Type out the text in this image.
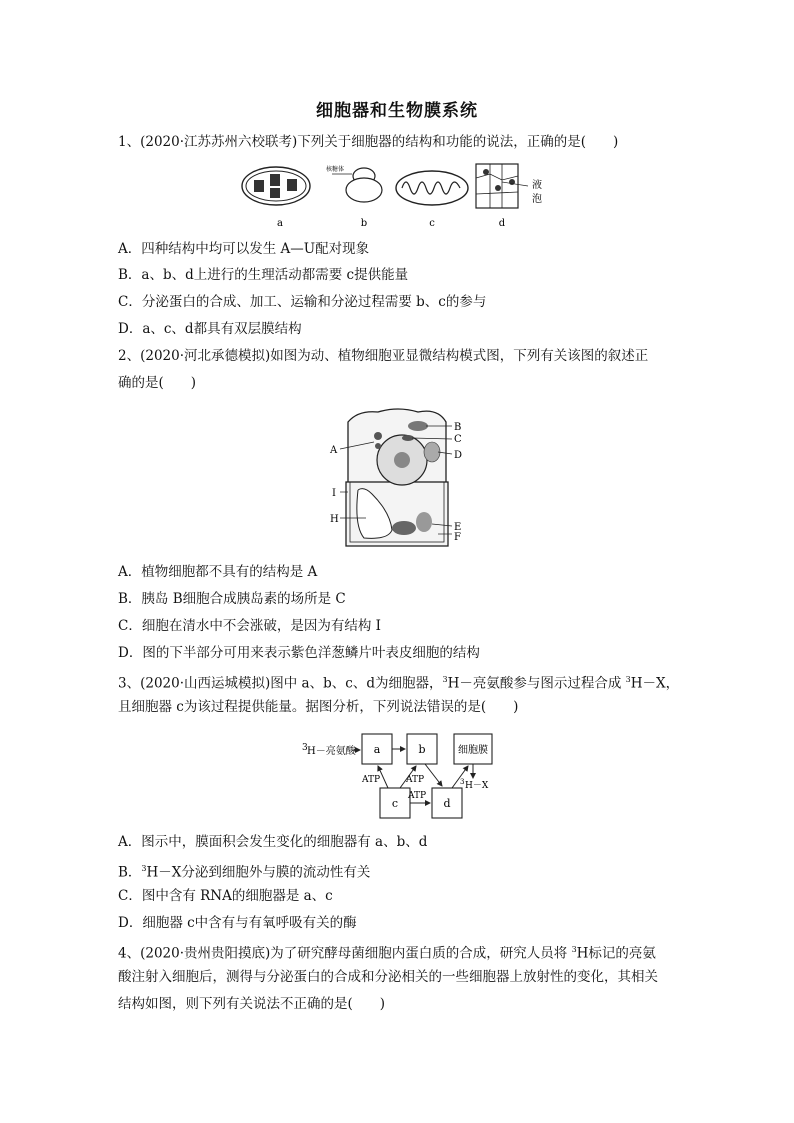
细胞器和生物膜系统
1、(2020·江苏苏州六校联考)下列关于细胞器的结构和功能的说法，正确的是(　　)
核糖体
液
泡
a	b	c	d
A．四种结构中均可以发生 A—U配对现象
B．a、b、d上进行的生理活动都需要 c提供能量
C．分泌蛋白的合成、加工、运输和分泌过程需要 b、c的参与
D．a、c、d都具有双层膜结构
2、(2020·河北承德模拟)如图为动、植物细胞亚显微结构模式图，下列有关该图的叙述正
确的是(　　)
A
B
C
D
I
H
E
F
A．植物细胞都不具有的结构是 A
B．胰岛 B细胞合成胰岛素的场所是 C
C．细胞在清水中不会涨破，是因为有结构 I
D．图的下半部分可用来表示紫色洋葱鳞片叶表皮细胞的结构
3、(2020·山西运城模拟)图中 a、b、c、d为细胞器，$^3$H－亮氨酸参与图示过程合成 $^3$H－X，
且细胞器 c为该过程提供能量。据图分析，下列说法错误的是(　　)
3 H－亮氨酸 a	b	细胞膜
c	d
ATP	ATP
ATP
3 H－X
A．图示中，膜面积会发生变化的细胞器有 a、b、d
B．$^3$H－X分泌到细胞外与膜的流动性有关
C．图中含有 RNA的细胞器是 a、c
D．细胞器 c中含有与有氧呼吸有关的酶
4、(2020·贵州贵阳摸底)为了研究酵母菌细胞内蛋白质的合成，研究人员将 $^3$H标记的亮氨
酸注射入细胞后，测得与分泌蛋白的合成和分泌相关的一些细胞器上放射性的变化，其相关
结构如图，则下列有关说法不正确的是(　　)
